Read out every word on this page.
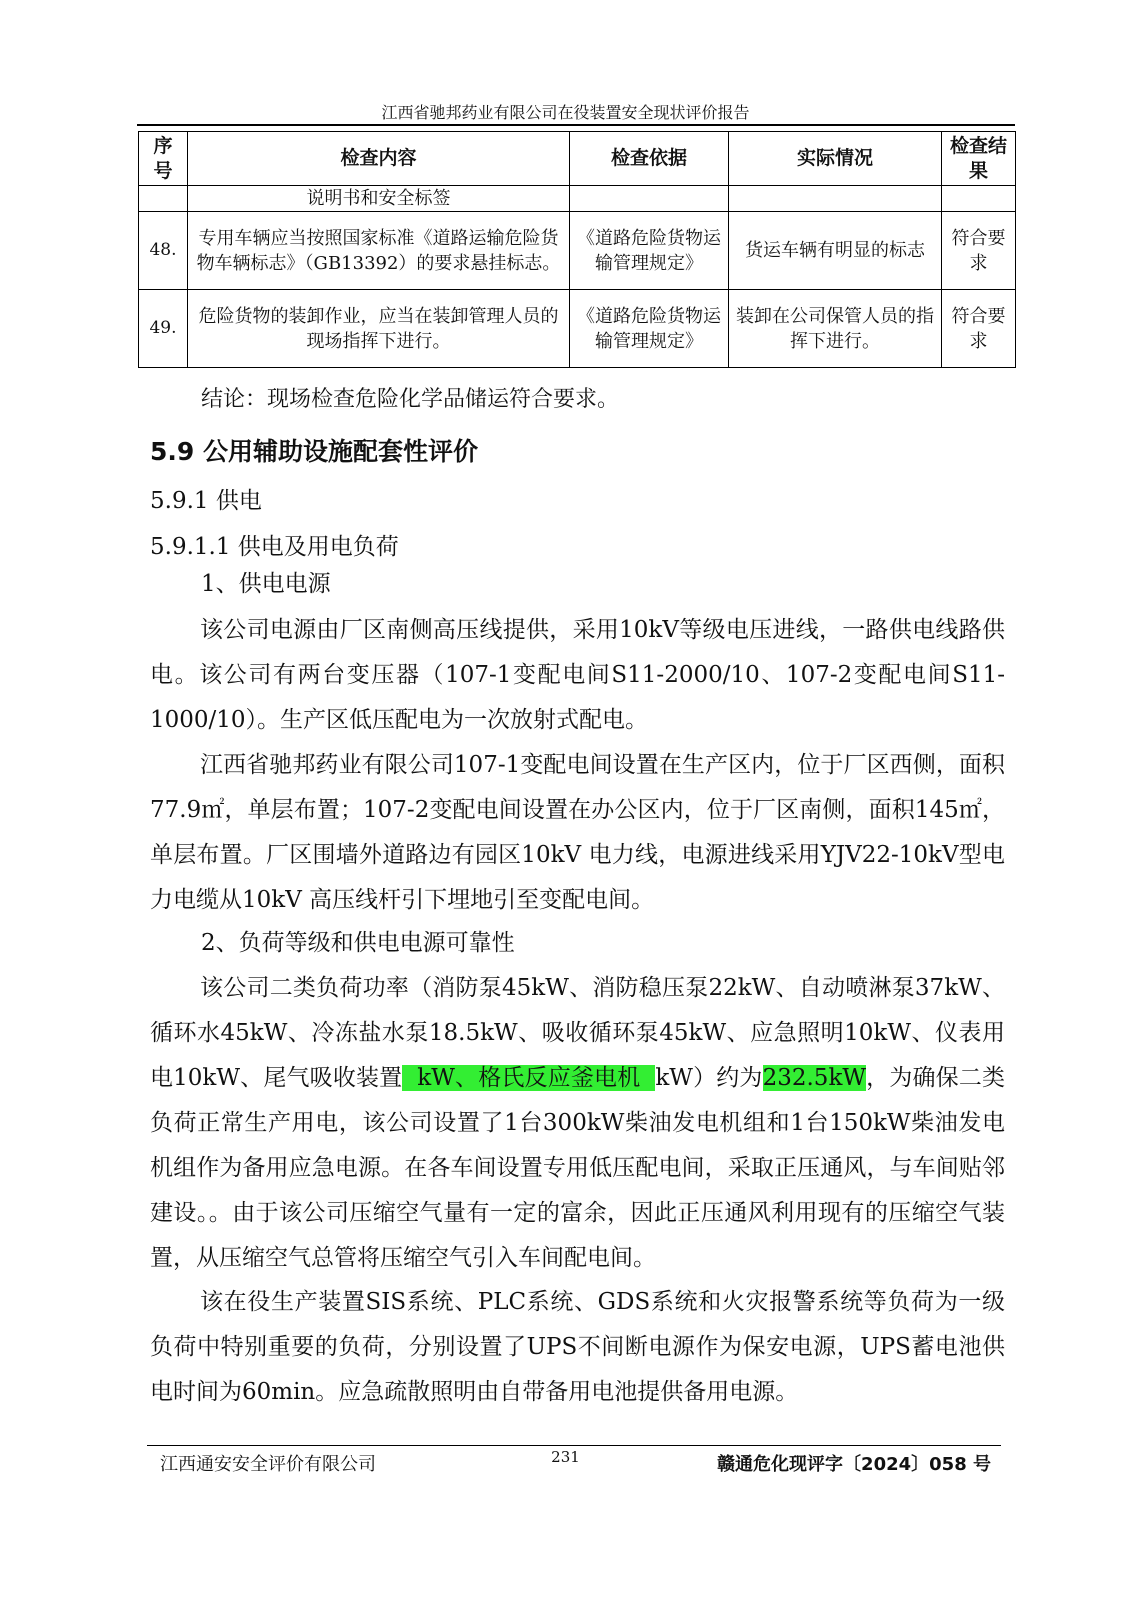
江西省驰邦药业有限公司在役装置安全现状评价报告
序号	检查内容	检查依据	实际情况	检查结果
	说明书和安全标签			
48.	专用车辆应当按照国家标准《道路运输危险货物车辆标志》（GB13392）的要求悬挂标志。	《道路危险货物运输管理规定》	货运车辆有明显的标志	符合要求
49.	危险货物的装卸作业，应当在装卸管理人员的现场指挥下进行。	《道路危险货物运输管理规定》	装卸在公司保管人员的指挥下进行。	符合要求
结论：现场检查危险化学品储运符合要求。
5.9 公用辅助设施配套性评价
5.9.1 供电
5.9.1.1 供电及用电负荷
1、供电电源
该公司电源由厂区南侧高压线提供，采用10kV等级电压进线，一路供电线路供电。该公司有两台变压器（107-1变配电间S11-2000/10、107-2变配电间S11-1000/10）。生产区低压配电为一次放射式配电。
江西省驰邦药业有限公司107-1变配电间设置在生产区内，位于厂区西侧，面积77.9㎡，单层布置；107-2变配电间设置在办公区内，位于厂区南侧，面积145㎡，单层布置。厂区围墙外道路边有园区10kV 电力线，电源进线采用YJV22-10kV型电力电缆从10kV 高压线杆引下埋地引至变配电间。
2、负荷等级和供电电源可靠性
该公司二类负荷功率（消防泵45kW、消防稳压泵22kW、自动喷淋泵37kW、循环水45kW、冷冻盐水泵18.5kW、吸收循环泵45kW、应急照明10kW、仪表用电10kW、尾气吸收装置  kW、格氏反应釜电机  kW）约为232.5kW，为确保二类负荷正常生产用电，该公司设置了1台300kW柴油发电机组和1台150kW柴油发电机组作为备用应急电源。在各车间设置专用低压配电间，采取正压通风，与车间贴邻建设。。由于该公司压缩空气量有一定的富余，因此正压通风利用现有的压缩空气装置，从压缩空气总管将压缩空气引入车间配电间。
该在役生产装置SIS系统、PLC系统、GDS系统和火灾报警系统等负荷为一级负荷中特别重要的负荷，分别设置了UPS不间断电源作为保安电源，UPS蓄电池供电时间为60min。应急疏散照明由自带备用电池提供备用电源。
江西通安安全评价有限公司	231	赣通危化现评字〔2024〕058 号
